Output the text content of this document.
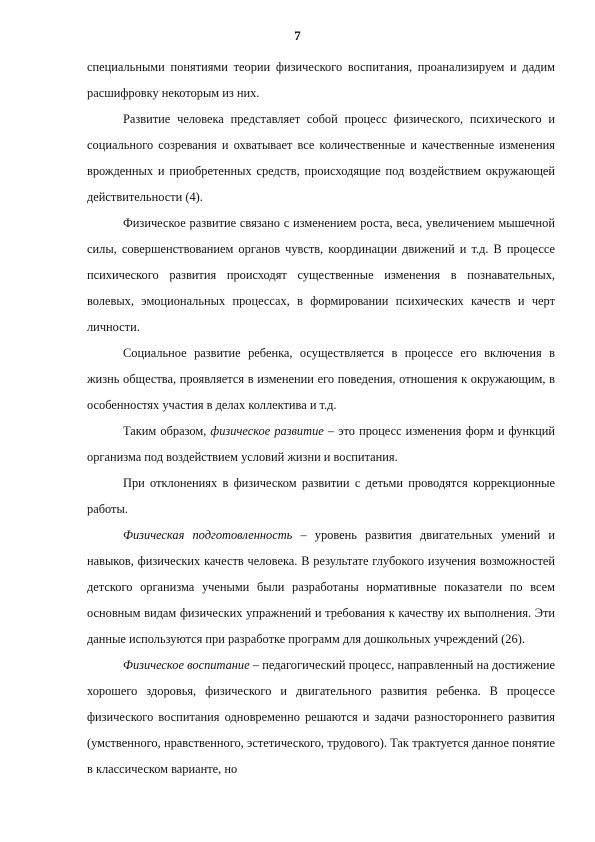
7

специальными понятиями теории физического воспитания, проанализируем и дадим расшифровку некоторым из них.

Развитие человека представляет собой процесс физического, психического и социального созревания и охватывает все количественные и качественные изменения врожденных и приобретенных средств, происходящие под воздействием окружающей действительности (4).

Физическое развитие связано с изменением роста, веса, увеличением мышечной силы, совершенствованием органов чувств, координации движений и т.д. В процессе психического развития происходят существенные изменения в познавательных, волевых, эмоциональных процессах, в формировании психических качеств и черт личности.

Социальное развитие ребенка, осуществляется в процессе его включения в жизнь общества, проявляется в изменении его поведения, отношения к окружающим, в особенностях участия в делах коллектива и т.д.

Таким образом, физическое развитие – это процесс изменения форм и функций организма под воздействием условий жизни и воспитания.

При отклонениях в физическом развитии с детьми проводятся коррекционные работы.

Физическая подготовленность – уровень развития двигательных умений и навыков, физических качеств человека. В результате глубокого изучения возможностей детского организма учеными были разработаны нормативные показатели по всем основным видам физических упражнений и требования к качеству их выполнения. Эти данные используются при разработке программ для дошкольных учреждений (26).

Физическое воспитание – педагогический процесс, направленный на достижение хорошего здоровья, физического и двигательного развития ребенка. В процессе физического воспитания одновременно решаются и задачи разностороннего развития (умственного, нравственного, эстетического, трудового). Так трактуется данное понятие в классическом варианте, но
